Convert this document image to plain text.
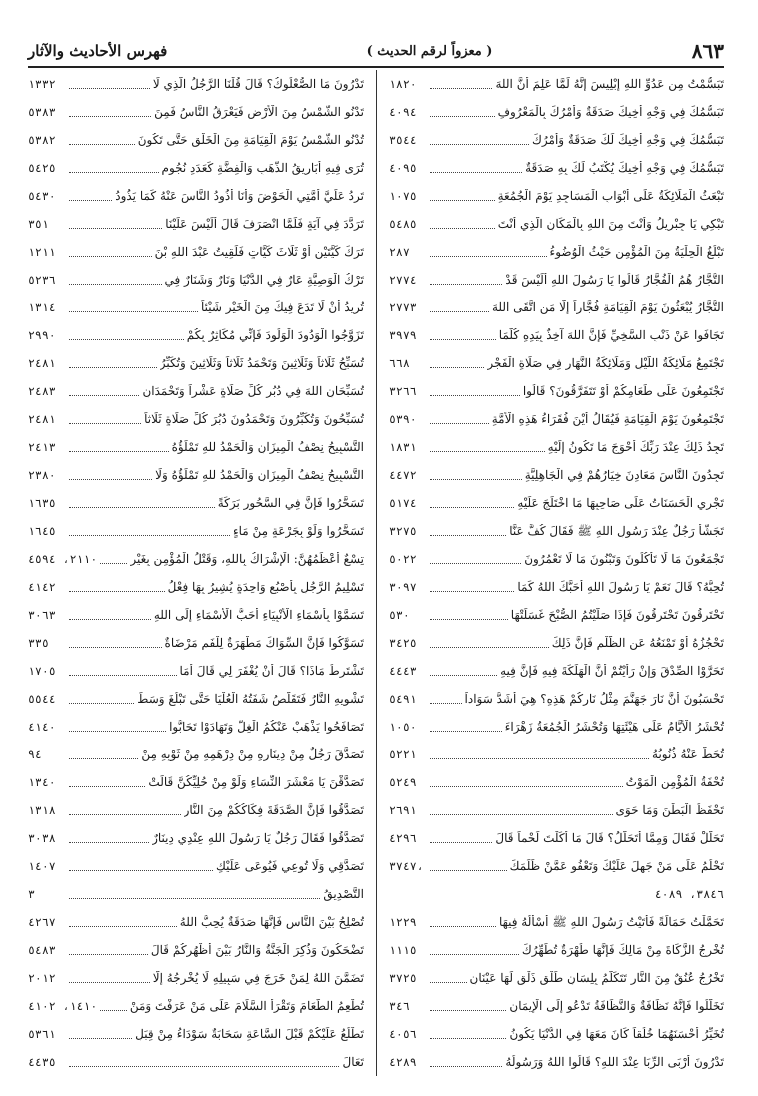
٨٦٣
( معزواً لرقم الحديث )
فهرس الأحاديث والآثار
تَبَسُّمْتُ مِن عَدُوِّ اللهِ إِبْلِيسَ إِنَّهُ لَمَّا عَلِمَ أَنَّ اللهَ
١٨٢٠
تَبَسُّمُكَ فِي وَجْهِ أَخِيكَ صَدَقَةٌ وَأَمْرُكَ بِالْمَعْرُوفِ
٤٠٩٤
تَبَسُّمُكَ فِي وَجْهِ أَخِيكَ لَكَ صَدَقَةٌ وَأَمْرُكَ
٣٥٤٤
تَبَسُّمُكَ فِي وَجْهِ أَخِيكَ يُكْتَبُ لَكَ بِهِ صَدَقَةٌ
٤٠٩٥
تَبْعَثُ الْمَلَائِكَةُ عَلَى أَبْوَابِ الْمَسَاجِدِ يَوْمَ الْجُمُعَةِ
١٠٧٥
تَبْكِي يَا جِبْرِيلُ وَأَنْتَ مِنَ اللهِ بِالْمَكَانِ الَّذِي أَنْتَ
٥٤٨٥
تَبْلُغُ الْحِلْيَةُ مِنَ الْمُؤْمِنِ حَيْثُ الْوُضُوءُ
٢٨٧
التُّجَّارُ هُمُ الْفُجَّارُ قَالُوا يَا رَسُولَ اللهِ أَلَيْسَ قَدْ
٢٧٧٤
التُّجَّارُ يُبْعَثُونَ يَوْمَ الْقِيَامَةِ فُجَّاراً إِلَّا مَنِ اتَّقَى اللهَ
٢٧٧٣
تَجَافَوا عَنْ ذَنْبِ السَّخِيِّ فَإِنَّ اللهَ آخِذٌ بِيَدِهِ كُلَّمَا
٣٩٧٩
تَجْتَمِعُ مَلَائِكَةُ اللَّيْلِ وَمَلَائِكَةُ النَّهَارِ فِي صَلَاةِ الْفَجْرِ
٦٦٨
تَجْتَمِعُونَ عَلَى طَعَامِكُمْ أَوْ تَتَفَرَّقُونَ؟ قَالُوا
٣٢٦٦
تَجْتَمِعُونَ يَوْمَ الْقِيَامَةِ فَيُقَالُ أَيْنَ فُقَرَاءُ هَذِهِ الْأُمَّةِ
٥٣٩٠
تَجِدُ ذَلِكَ عِنْدَ رَبِّكَ أَحْوَجَ مَا تَكُونُ إِلَيْهِ
١٨٣١
تَجِدُونَ النَّاسَ مَعَادِنَ خِيَارُهُمْ فِي الْجَاهِلِيَّةِ
٤٤٧٢
تَجْرِي الْحَسَنَاتُ عَلَى صَاحِبِهَا مَا اخْتَلَجَ عَلَيْهِ
٥١٧٤
تَجَشَّأَ رَجُلٌ عِنْدَ رَسُولِ اللهِ ﷺ فَقَالَ كُفَّ عَنَّا
٣٢٧٥
تَجْمَعُونَ مَا لَا تَأْكُلُونَ وَتَبْنُونَ مَا لَا تَعْمُرُونَ
٥٠٢٢
تُحِبُّهُ؟ قَالَ نَعَمْ يَا رَسُولَ اللهِ أَحَبَّكَ اللهُ كَمَا
٣٠٩٧
تَحْتَرِقُونَ تَحْتَرِقُونَ فَإِذَا صَلَّيْتُمُ الصُّبْحَ غَسَلَتْهَا
٥٣٠
تَحْجُزُهُ أَوْ تَمْنَعُهُ عَنِ الظُّلْمِ فَإِنَّ ذَلِكَ
٣٤٢٥
تَحَرَّوْا الصِّدْقَ وَإِنْ رَأَيْتُمْ أَنَّ الْهَلَكَةَ فِيهِ فَإِنَّ فِيهِ
٤٤٤٣
تَحْسَبُونَ أَنَّ نَارَ جَهَنَّمَ مِثْلُ نَارِكُمْ هَذِهِ؟ هِيَ أَشَدُّ سَوَاداً
٥٤٩١
تُحْشَرُ الْأَيَّامُ عَلَى هَيْئَتِهَا وَتُحْشَرُ الْجُمُعَةُ زَهْرَاءَ
١٠٥٠
تُحَطُّ عَنْهُ ذُنُوبُهُ
٥٢٢١
تُحْفَةُ الْمُؤْمِنِ الْمَوْتُ
٥٢٤٩
تَحْفَظُ الْبَطْنَ وَمَا حَوَى
٢٦٩١
تَحَلَّلْ فَقَالَ وَمِمَّا أَتَحَلَّلُ؟ قَالَ مَا أَكَلْتَ لَحْماً قَالَ
٤٢٩٦
تَحْلُمُ عَلَى مَنْ جَهِلَ عَلَيْكَ وَتَعْفُو عَمَّنْ ظَلَمَكَ
٣٧٤٧،
٣٨٤٦، ٤٠٨٩
تَحَمَّلْتُ حَمَالَةً فَأَتَيْتُ رَسُولَ اللهِ ﷺ أَسْأَلُهُ فِيهَا
١٢٢٩
تُخْرِجُ الزَّكَاةَ مِنْ مَالِكَ فَإِنَّهَا طُهْرَةٌ تُطَهِّرُكَ
١١١٥
تَخْرُجُ عُنُقٌ مِنَ النَّارِ تَتَكَلَّمُ بِلِسَانٍ طَلْقٍ ذَلْقٍ لَهَا عَيْنَانِ
٣٧٢٥
تَخَلَّلُوا فَإِنَّهُ نَظَافَةٌ وَالنَّظَافَةُ تَدْعُو إِلَى الْإِيمَانِ
٣٤٦
تُخَيِّرُ أَحْسَنَهُمَا خُلُقاً كَانَ مَعَهَا فِي الدُّنْيَا يَكُونُ
٤٠٥٦
تَدْرُونَ أَرْبَى الرِّبَا عِنْدَ اللهِ؟ قَالُوا اللهُ وَرَسُولُهُ
٤٢٨٩
تَدْرُونَ مَا الصُّعْلُوكُ؟ قَالَ قُلْنَا الرَّجُلُ الَّذِي لَا
١٣٣٢
تَدْنُو الشَّمْسُ مِنَ الْأَرْضِ فَيَعْرَقُ النَّاسُ فَمِنَ
٥٣٨٣
تُدْنُو الشَّمْسُ يَوْمَ الْقِيَامَةِ مِنَ الْخَلْقِ حَتَّى تَكُونَ
٥٣٨٢
تُرَى فِيهِ أَبَارِيقُ الذَّهَبِ وَالْفِضَّةِ كَعَدَدِ نُجُومِ
٥٤٢٥
تَرِدُ عَلَيَّ أُمَّتِي الْحَوْضَ وَأَنَا أَذُودُ النَّاسَ عَنْهُ كَمَا يَذُودُ
٥٤٣٠
تَرَدَّدَ فِي آيَةٍ فَلَمَّا انْصَرَفَ قَالَ أَلَيْسَ عَلَيْنَا
٣٥١
تَرَكَ كَيَّتَيْنِ أَوْ ثَلَاثَ كَيَّاتٍ فَلَقِيتُ عَبْدَ اللهِ بْنَ
١٢١١
تَرْكُ الْوَصِيَّةِ عَارٌ فِي الدُّنْيَا وَنَارٌ وَشَنَارٌ فِي
٥٢٣٦
تُرِيدُ أَنْ لَا تَدَعَ فِيكَ مِنَ الْخَيْرِ شَيْئاً
١٣١٤
تَزَوَّجُوا الْوَدُودَ الْوَلُودَ فَإِنِّي مُكَاثِرٌ بِكُمْ
٢٩٩٠
تُسَبِّحُ ثَلَاثاً وَثَلَاثِينَ وَتَحْمَدُ ثَلَاثاً وَثَلَاثِينَ وَتُكَبِّرُ
٢٤٨١
تُسَبِّحَانِ اللهَ فِي دُبُرِ كُلِّ صَلَاةٍ عَشْراً وَتَحْمَدَانِ
٢٤٨٣
تُسَبِّحُونَ وَتُكَبِّرُونَ وَتَحْمَدُونَ دُبُرَ كُلِّ صَلَاةٍ ثَلَاثاً
٢٤٨١
التَّسْبِيحُ نِصْفُ الْمِيزَانِ وَالْحَمْدُ للهِ تَمْلَؤُهُ
٢٤١٣
التَّسْبِيحُ نِصْفُ الْمِيزَانِ وَالْحَمْدُ للهِ تَمْلَؤُهُ وَلَا
٢٣٨٠
تَسَحَّرُوا فَإِنَّ فِي السَّحُورِ بَرَكَةً
١٦٣٥
تَسَحَّرُوا وَلَوْ بِجَرْعَةٍ مِنْ مَاءٍ
١٦٤٥
تِسْعٌ أَعْظَمُهُنَّ: الْإِشْرَاكُ بِاللهِ، وَقَتْلُ الْمُؤْمِنِ بِغَيْرِ
٢١١٠، ٤٥٩٤
تَسْلِيمُ الرَّجُلِ بِأُصْبُعٍ وَاحِدَةٍ يُشِيرُ بِهَا فِعْلُ
٤١٤٢
تَسَمَّوْا بِأَسْمَاءِ الْأَنْبِيَاءِ أَحَبُّ الْأَسْمَاءِ إِلَى اللهِ
٣٠٦٣
تَسَوَّكُوا فَإِنَّ السِّوَاكَ مَطْهَرَةٌ لِلْفَمِ مَرْضَاةٌ
٣٣٥
تَشْتَرِطُ مَاذَا؟ قَالَ أَنْ يُغْفَرَ لِي قَالَ أَمَا
١٧٠٥
تَشْوِيهِ النَّارُ فَتَقَلَّصُ شَفَتُهُ الْعُلْيَا حَتَّى تَبْلُغَ وَسَطَ
٥٥٤٤
تَصَافَحُوا يَذْهَبْ عَنْكُمُ الْغِلُّ وَتَهَادَوْا تَحَابُّوا
٤١٤٠
تَصَدَّقَ رَجُلٌ مِنْ دِينَارِهِ مِنْ دِرْهَمِهِ مِنْ ثَوْبِهِ مِنْ
٩٤
تَصَدَّقْنَ يَا مَعْشَرَ النِّسَاءِ وَلَوْ مِنْ حُلِيِّكُنَّ قَالَتْ
١٣٤٠
تَصَدَّقُوا فَإِنَّ الصَّدَقَةَ فِكَاكُكُمْ مِنَ النَّارِ
١٣١٨
تَصَدَّقُوا فَقَالَ رَجُلٌ يَا رَسُولَ اللهِ عِنْدِي دِينَارٌ
٣٠٣٨
تَصَدَّقِي وَلَا تُوعِي فَيُوعَى عَلَيْكِ
١٤٠٧
التَّصْدِيقُ
٣
تُصْلِحُ بَيْنَ النَّاسِ فَإِنَّهَا صَدَقَةٌ يُحِبُّ اللهُ
٤٢٦٧
تَضْحَكُونَ وَذُكِرَ الْجَنَّةُ وَالنَّارُ بَيْنَ أَظْهُرِكُمْ قَالَ
٥٤٨٣
تَضَمَّنَ اللهُ لِمَنْ خَرَجَ فِي سَبِيلِهِ لَا يُخْرِجُهُ إِلَّا
٢٠١٢
تُطْعِمُ الطَّعَامَ وَتَقْرَأُ السَّلَامَ عَلَى مَنْ عَرَفْتَ وَمَنْ
١٤١٠، ٤١٠٢
تَطْلُعُ عَلَيْكُمْ قَبْلَ السَّاعَةِ سَحَابَةٌ سَوْدَاءُ مِنْ قِبَلِ
٥٣٦١
تَعَالَ
٤٤٣٥
